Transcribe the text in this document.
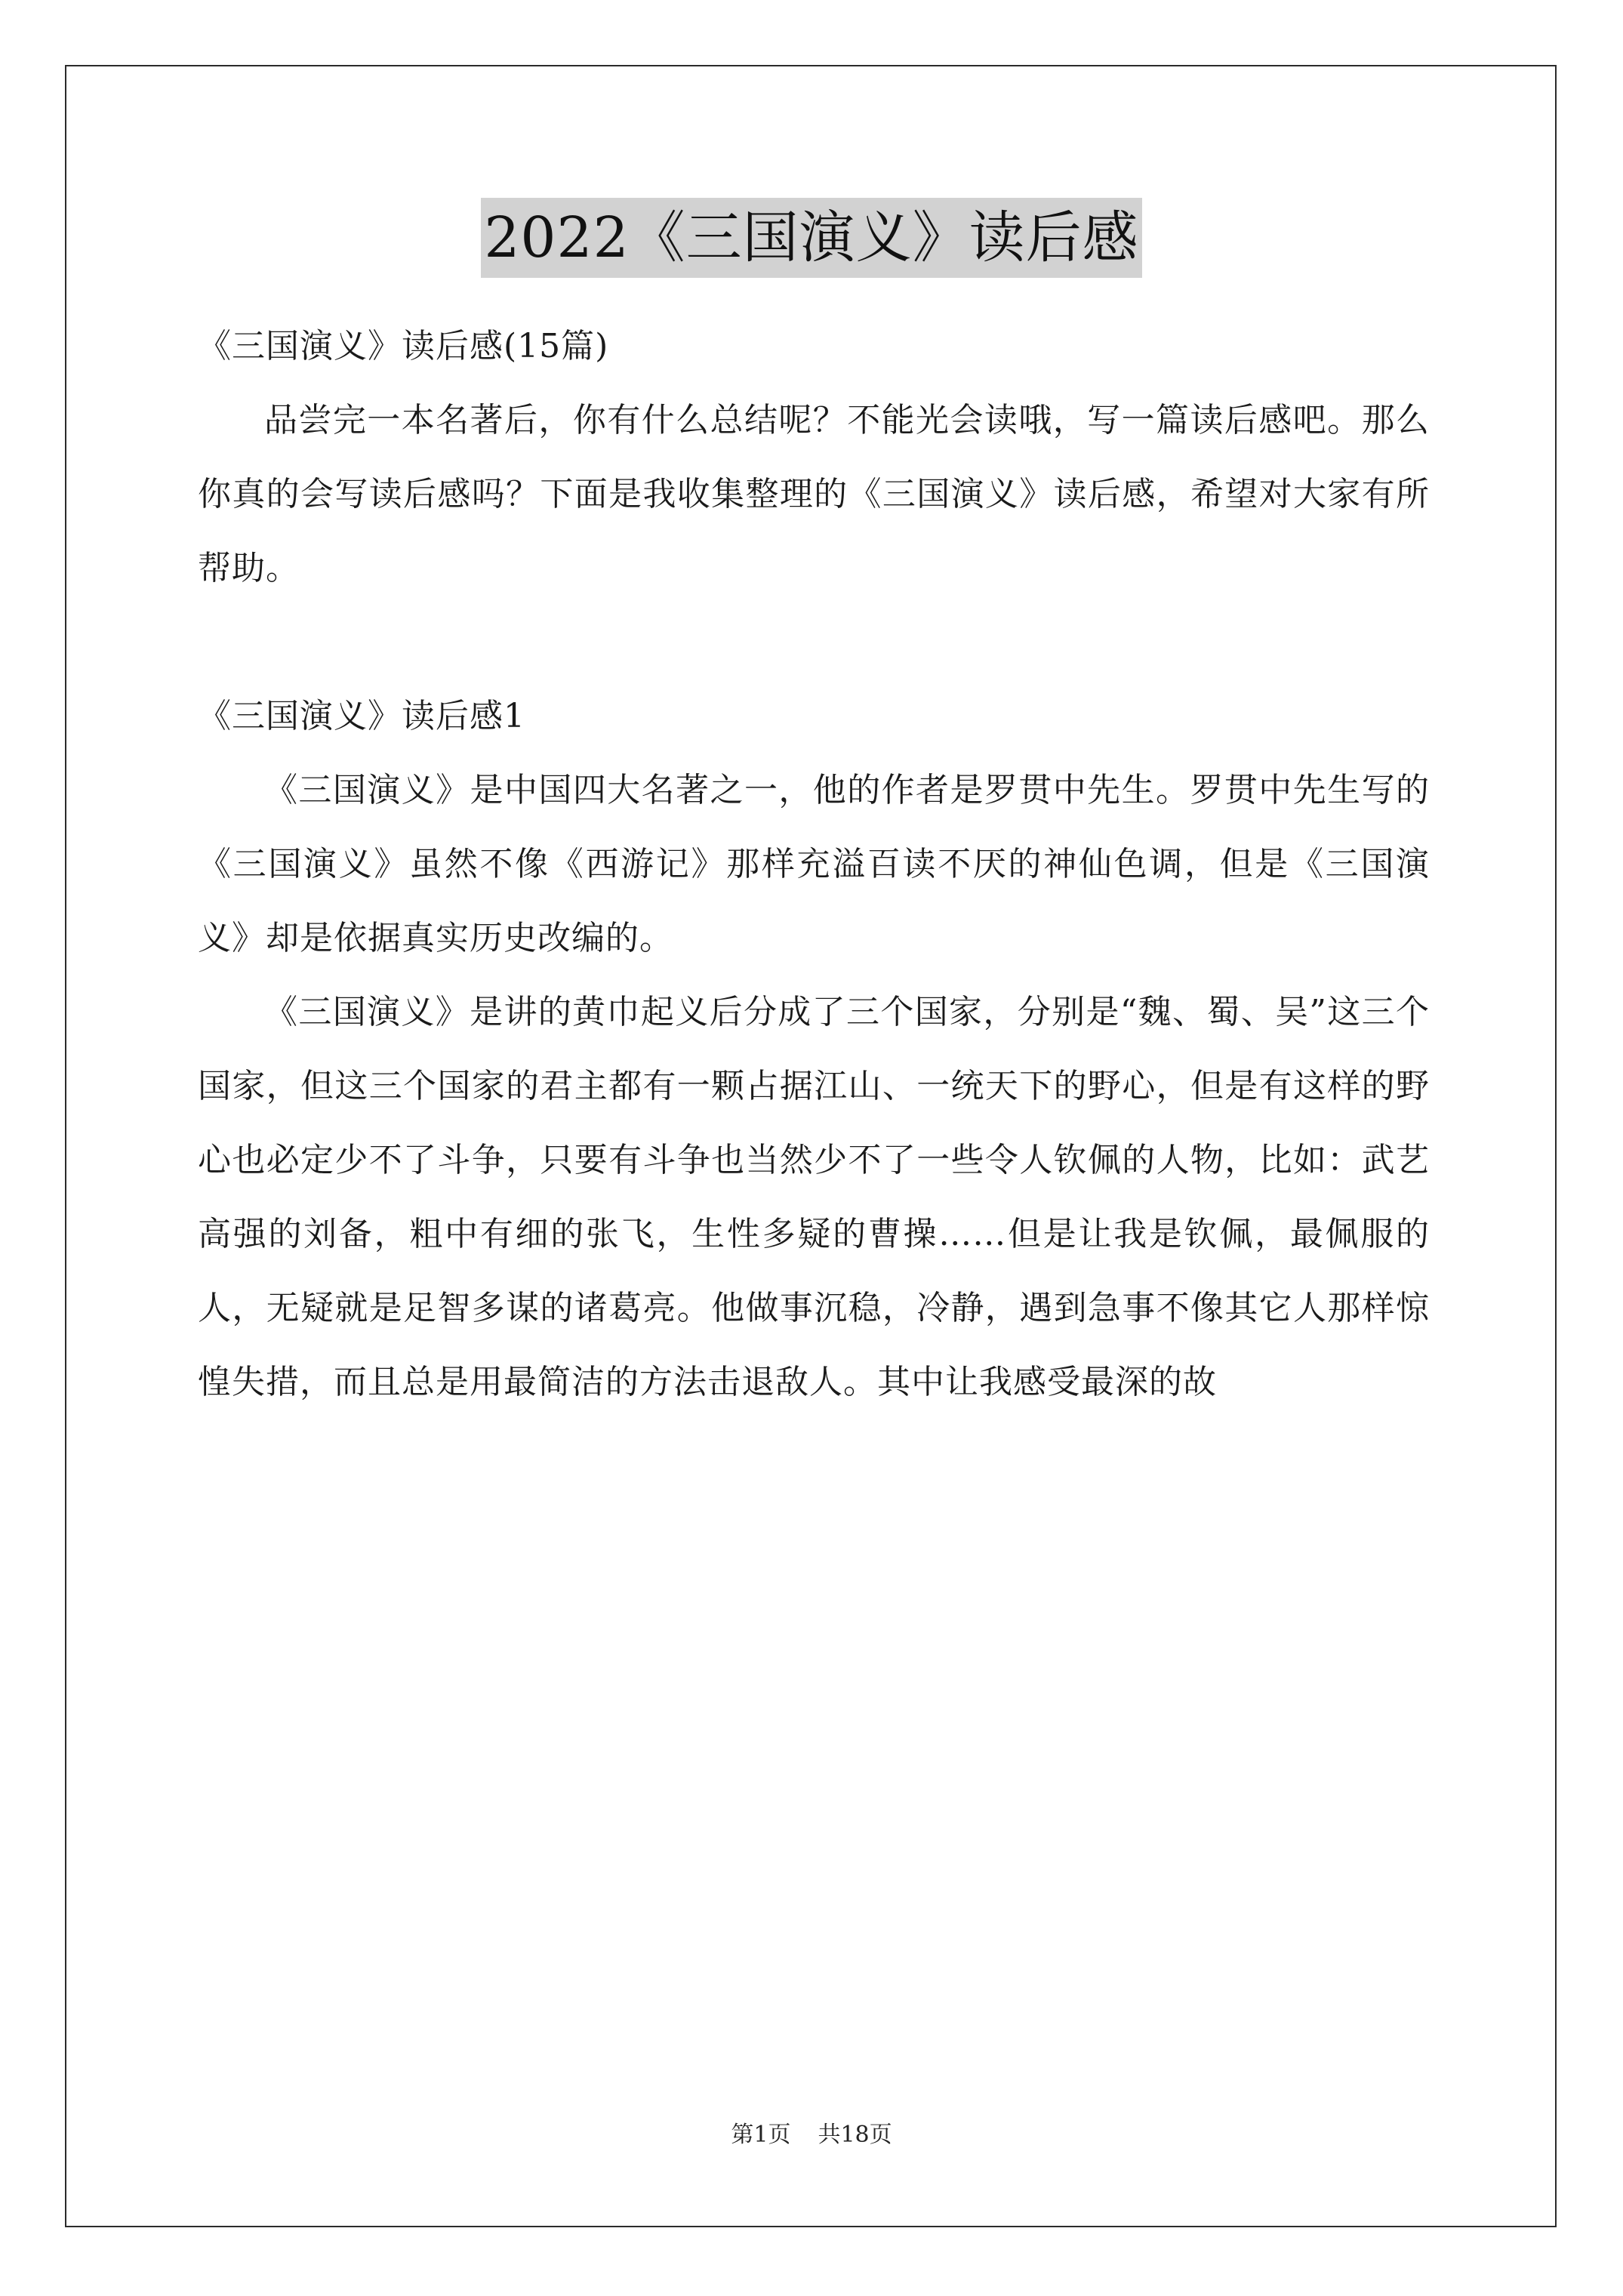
2022《三国演义》读后感

《三国演义》读后感(15篇)

品尝完一本名著后，你有什么总结呢？不能光会读哦，写一篇读后感吧。那么你真的会写读后感吗？下面是我收集整理的《三国演义》读后感，希望对大家有所帮助。

《三国演义》读后感1

《三国演义》是中国四大名著之一，他的作者是罗贯中先生。罗贯中先生写的《三国演义》虽然不像《西游记》那样充溢百读不厌的神仙色调，但是《三国演义》却是依据真实历史改编的。

《三国演义》是讲的黄巾起义后分成了三个国家，分别是“魏、蜀、吴”这三个国家，但这三个国家的君主都有一颗占据江山、一统天下的野心，但是有这样的野心也必定少不了斗争，只要有斗争也当然少不了一些令人钦佩的人物，比如：武艺高强的刘备，粗中有细的张飞，生性多疑的曹操……但是让我是钦佩，最佩服的人，无疑就是足智多谋的诸葛亮。他做事沉稳，冷静，遇到急事不像其它人那样惊惶失措，而且总是用最简洁的方法击退敌人。其中让我感受最深的故

第1页 共18页
